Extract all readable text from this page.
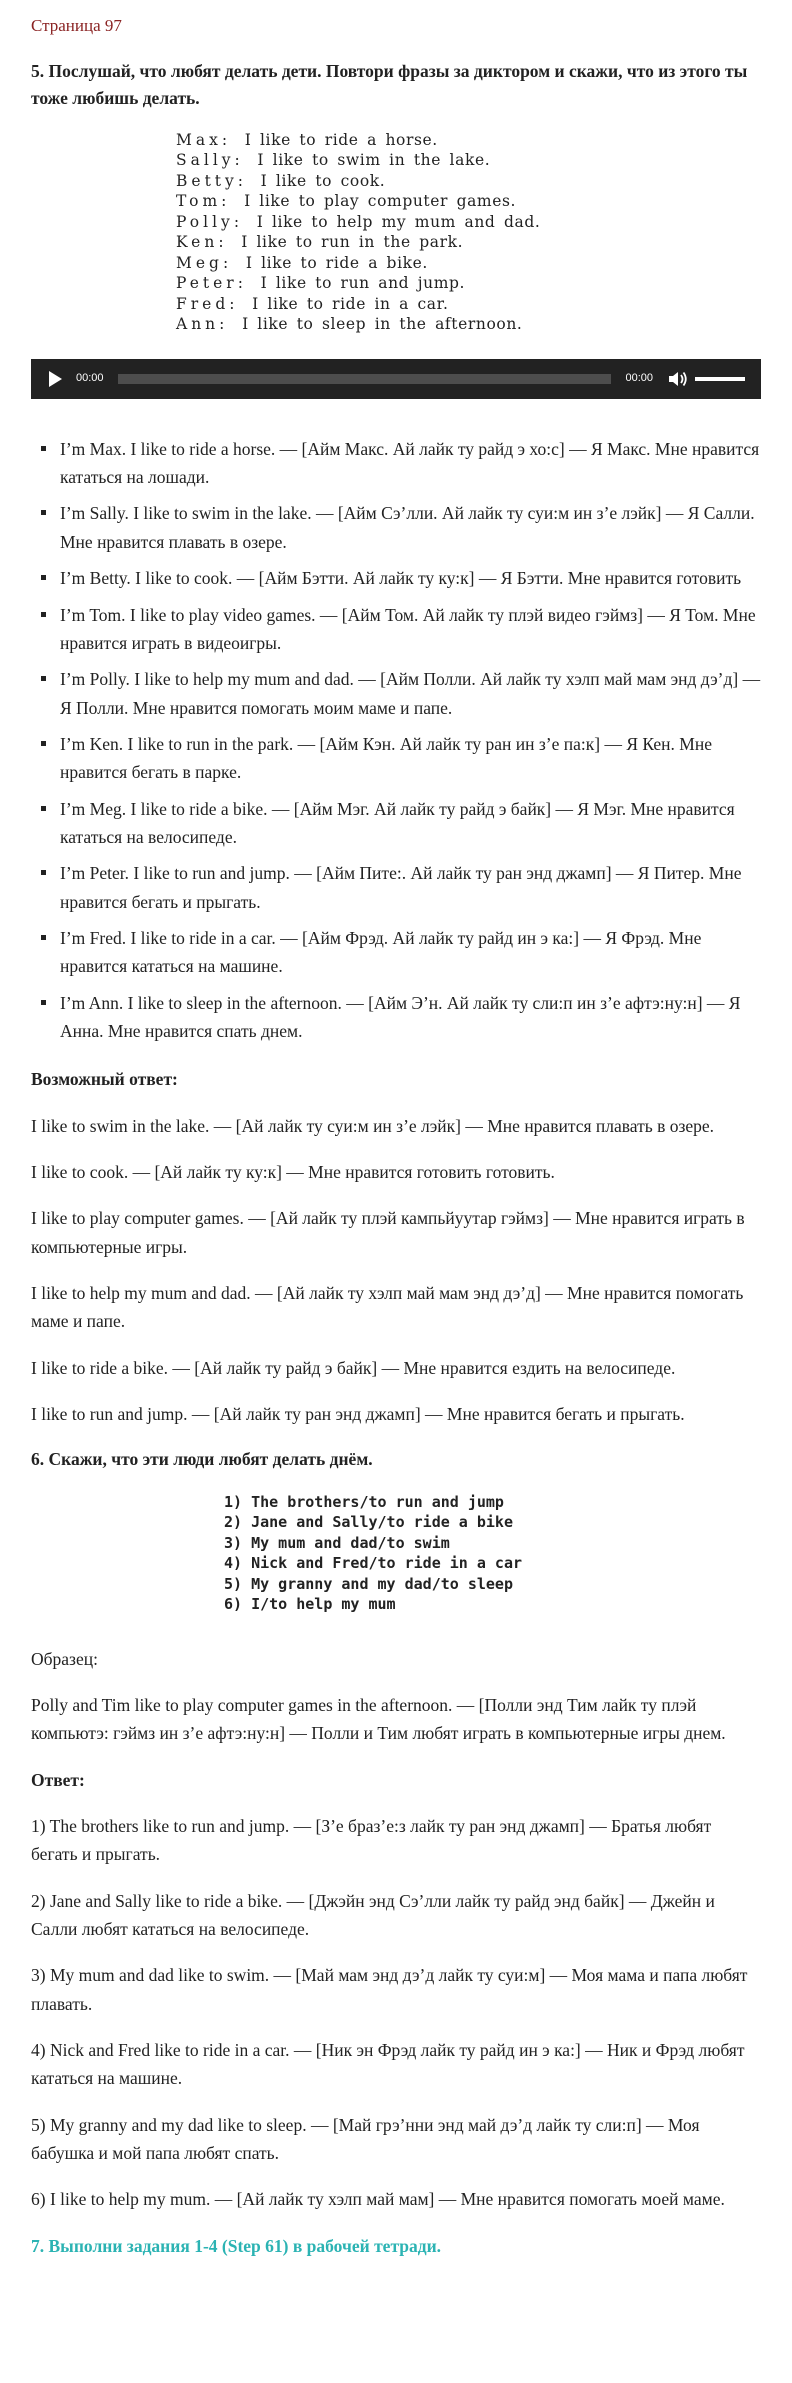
Страница 97
5. Послушай, что любят делать дети. Повтори фразы за диктором и скажи, что из этого ты тоже любишь делать.
Max:  I like to ride a horse.
Sally:  I like to swim in the lake.
Betty:  I like to cook.
Tom:  I like to play computer games.
Polly:  I like to help my mum and dad.
Ken:  I like to run in the park.
Meg:  I like to ride a bike.
Peter:  I like to run and jump.
Fred:  I like to ride in a car.
Ann:  I like to sleep in the afternoon.
00:00	00:00
I’m Max. I like to ride a horse. — [Айм Макс. Ай лайк ту райд э хо:с] — Я Макс. Мне нравится кататься на лошади.
I’m Sally. I like to swim in the lake. — [Айм Сэ’лли. Ай лайк ту суи:м ин з’е лэйк] — Я Салли. Мне нравится плавать в озере.
I’m Betty. I like to cook. — [Айм Бэтти. Ай лайк ту ку:к] — Я Бэтти. Мне нравится готовить
I’m Tom. I like to play video games. — [Айм Том. Ай лайк ту плэй видео гэймз] — Я Том. Мне нравится играть в видеоигры.
I’m Polly. I like to help my mum and dad. — [Айм Полли. Ай лайк ту хэлп май мам энд дэ’д] — Я Полли. Мне нравится помогать моим маме и папе.
I’m Ken. I like to run in the park. — [Айм Кэн. Ай лайк ту ран ин з’е па:к] — Я Кен. Мне нравится бегать в парке.
I’m Meg. I like to ride a bike. — [Айм Мэг. Ай лайк ту райд э байк] — Я Мэг. Мне нравится кататься на велосипеде.
I’m Peter. I like to run and jump. — [Айм Пите:. Ай лайк ту ран энд джамп] — Я Питер. Мне нравится бегать и прыгать.
I’m Fred. I like to ride in a car. — [Айм Фрэд. Ай лайк ту райд ин э ка:] — Я Фрэд. Мне нравится кататься на машине.
I’m Ann. I like to sleep in the afternoon. — [Айм Э’н. Ай лайк ту сли:п ин з’е афтэ:ну:н] — Я Анна. Мне нравится спать днем.

Возможный ответ:

I like to swim in the lake. — [Ай лайк ту суи:м ин з’е лэйк] — Мне нравится плавать в озере.

I like to cook. — [Ай лайк ту ку:к] — Мне нравится готовить готовить.

I like to play computer games. — [Ай лайк ту плэй кампьйуутар гэймз] — Мне нравится играть в компьютерные игры.

I like to help my mum and dad. — [Ай лайк ту хэлп май мам энд дэ’д] — Мне нравится помогать маме и папе.

I like to ride a bike. — [Ай лайк ту райд э байк] — Мне нравится ездить на велосипеде.

I like to run and jump. — [Ай лайк ту ран энд джамп] — Мне нравится бегать и прыгать.

6. Скажи, что эти люди любят делать днём.
1) The brothers/to run and jump
2) Jane and Sally/to ride a bike
3) My mum and dad/to swim
4) Nick and Fred/to ride in a car
5) My granny and my dad/to sleep
6) I/to help my mum

Образец:

Polly and Tim like to play computer games in the afternoon. — [Полли энд Тим лайк ту плэй компьютэ: гэймз ин з’е афтэ:ну:н] — Полли и Тим любят играть в компьютерные игры днем.

Ответ:

1) The brothers like to run and jump. — [З’е браз’е:з лайк ту ран энд джамп] — Братья любят бегать и прыгать.

2) Jane and Sally like to ride a bike. — [Джэйн энд Сэ’лли лайк ту райд энд байк] — Джейн и Салли любят кататься на велосипеде.

3) My mum and dad like to swim. — [Май мам энд дэ’д лайк ту суи:м] — Моя мама и папа любят плавать.

4) Nick and Fred like to ride in a car. — [Ник эн Фрэд лайк ту райд ин э ка:] — Ник и Фрэд любят кататься на машине.

5) My granny and my dad like to sleep. — [Май грэ’нни энд май дэ’д лайк ту сли:п] — Моя бабушка и мой папа любят спать.

6) I like to help my mum. — [Ай лайк ту хэлп май мам] — Мне нравится помогать моей маме.

7. Выполни задания 1-4 (Step 61) в рабочей тетради.
